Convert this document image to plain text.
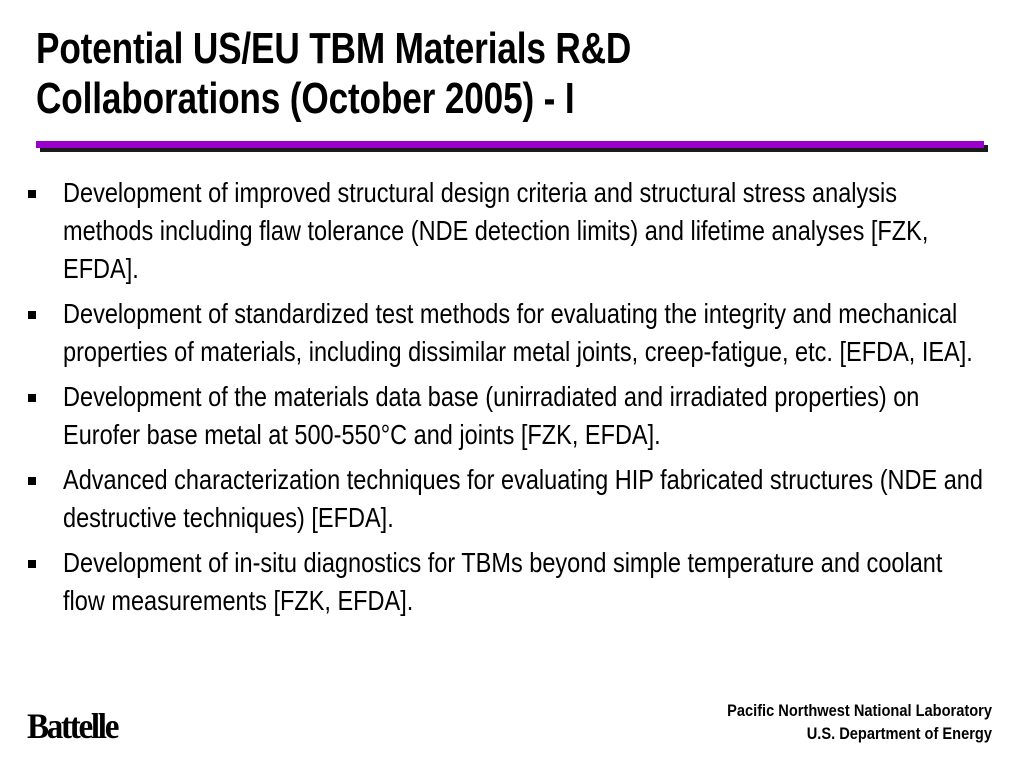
Potential US/EU TBM Materials R&D
Collaborations (October 2005) - I
Development of improved structural design criteria and structural stress analysis methods including flaw tolerance (NDE detection limits) and lifetime analyses [FZK, EFDA].
Development of standardized test methods for evaluating the integrity and mechanical properties of materials, including dissimilar metal joints, creep-fatigue, etc. [EFDA, IEA].
Development of the materials data base (unirradiated and irradiated properties) on Eurofer base metal at 500-550°C and joints [FZK, EFDA].
Advanced characterization techniques for evaluating HIP fabricated structures (NDE and destructive techniques) [EFDA].
Development of in-situ diagnostics for TBMs beyond simple temperature and coolant flow measurements [FZK, EFDA].
Battelle	Pacific Northwest National Laboratory
U.S. Department of Energy
